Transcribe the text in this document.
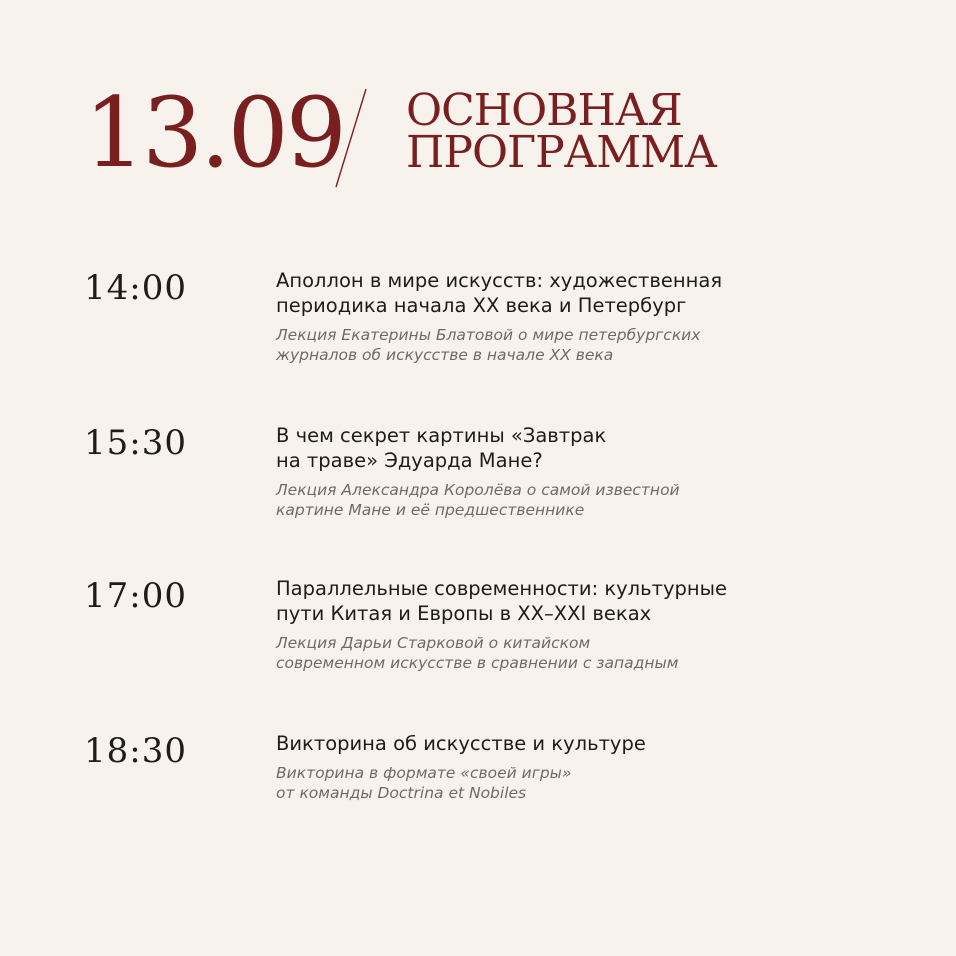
13.09 ОСНОВНАЯ
ПРОГРАММА
14:00	Аполлон в мире искусств: художественная
периодика начала XX века и Петербург

Лекция Екатерины Блатовой о мире петербургских
журналов об искусстве в начале XX века

15:30	В чем секрет картины «Завтрак
на траве» Эдуарда Мане?

Лекция Александра Королёва о самой известной
картине Мане и её предшественнике

17:00	Параллельные современности: культурные
пути Китая и Европы в XX–XXI веках

Лекция Дарьи Старковой о китайском
современном искусстве в сравнении с западным

18:30	Викторина об искусстве и культуре

Викторина в формате «своей игры»
от команды Doctrina et Nobiles
